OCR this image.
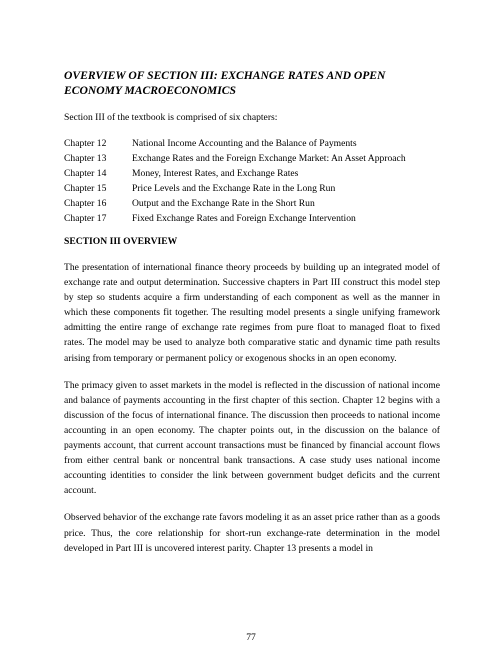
OVERVIEW OF SECTION III: EXCHANGE RATES AND OPEN
ECONOMY MACROECONOMICS

Section III of the textbook is comprised of six chapters:

Chapter 12	National Income Accounting and the Balance of Payments
Chapter 13	Exchange Rates and the Foreign Exchange Market: An Asset Approach
Chapter 14	Money, Interest Rates, and Exchange Rates
Chapter 15	Price Levels and the Exchange Rate in the Long Run
Chapter 16	Output and the Exchange Rate in the Short Run
Chapter 17	Fixed Exchange Rates and Foreign Exchange Intervention
SECTION III OVERVIEW

The presentation of international finance theory proceeds by building up an integrated model of exchange rate and output determination. Successive chapters in Part III construct this model step by step so students acquire a firm understanding of each component as well as the manner in which these components fit together. The resulting model presents a single unifying framework admitting the entire range of exchange rate regimes from pure float to managed float to fixed rates. The model may be used to analyze both comparative static and dynamic time path results arising from temporary or permanent policy or exogenous shocks in an open economy.

The primacy given to asset markets in the model is reflected in the discussion of national income and balance of payments accounting in the first chapter of this section. Chapter 12 begins with a discussion of the focus of international finance. The discussion then proceeds to national income accounting in an open economy. The chapter points out, in the discussion on the balance of payments account, that current account transactions must be financed by financial account flows from either central bank or noncentral bank transactions. A case study uses national income accounting identities to consider the link between government budget deficits and the current account.

Observed behavior of the exchange rate favors modeling it as an asset price rather than as a goods price. Thus, the core relationship for short-run exchange-rate determination in the model developed in Part III is uncovered interest parity. Chapter 13 presents a model in

77
